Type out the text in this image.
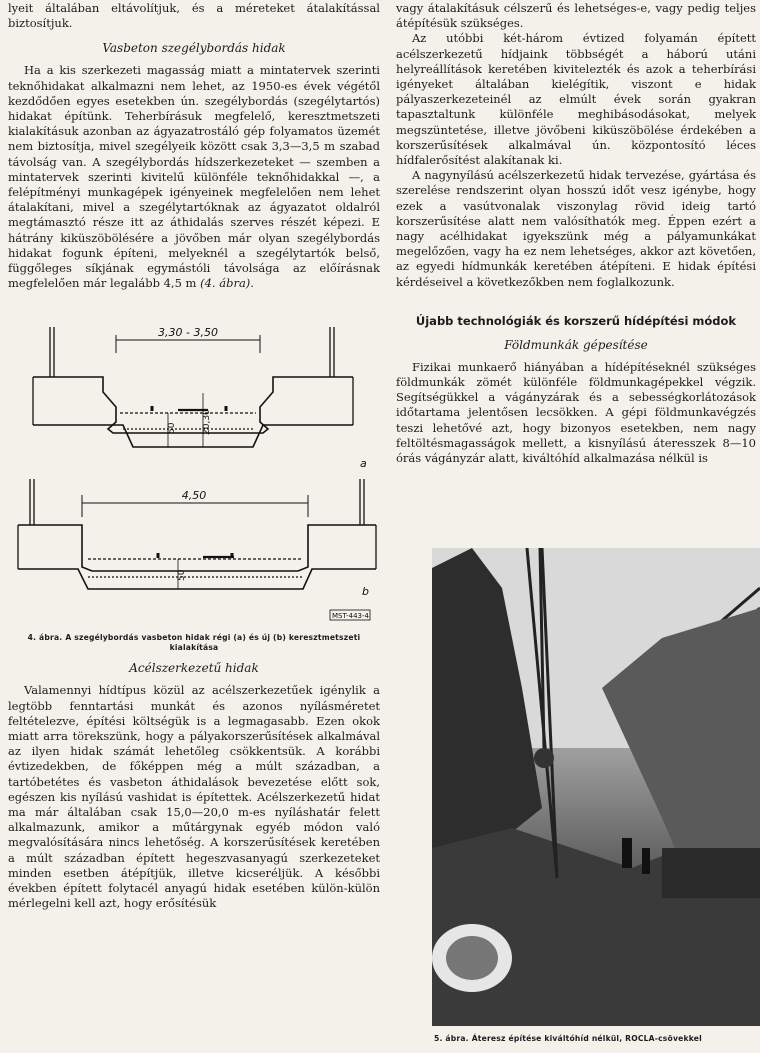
lyeit általában eltávolítjuk, és a méreteket átalakítással biztosítjuk.

Vasbeton szegélybordás hidak

Ha a kis szerkezeti magasság miatt a mintatervek szerinti teknőhidakat alkalmazni nem lehet, az 1950-es évek végétől kezdődően egyes esetekben ún. szegélybordás (szegélytartós) hidakat építünk. Teherbírásuk megfelelő, keresztmetszeti kialakításuk azonban az ágyazatrostáló gép folyamatos üzemét nem biztosítja, mivel szegélyeik között csak 3,3—3,5 m szabad távolság van. A szegélybordás hídszerkezeteket — szemben a mintatervek szerinti kivitelű különféle teknőhidakkal —, a felépítményi munkagépek igényeinek megfelelően nem lehet átalakítani, mivel a szegélytartóknak az ágyazatot oldalról megtámasztó része itt az áthidalás szerves részét képezi. E hátrány kiküszöbölésére a jövőben már olyan szegélybordás hidakat fogunk építeni, melyeknél a szegélytartók belső, függőleges síkjának egymástóli távolsága az előírásnak megfelelően már legalább 4,5 m (4. ábra).

3,30 - 3,50
4,50
50	20,30
50
a
b
MST-443-4
4. ábra. A szegélybordás vasbeton hidak régi (a) és új (b) keresztmetszeti kialakítása
Acélszerkezetű hidak

Valamennyi hídtípus közül az acélszerkezetűek igénylik a legtöbb fenntartási munkát és azonos nyílásméretet feltételezve, építési költségük is a legmagasabb. Ezen okok miatt arra törekszünk, hogy a pályakorszerűsítések alkalmával az ilyen hidak számát lehetőleg csökkentsük. A korábbi évtizedekben, de főképpen még a múlt században, a tartóbetétes és vasbeton áthidalások bevezetése előtt sok, egészen kis nyílású vashidat is építettek. Acélszerkezetű hidat ma már általában csak 15,0—20,0 m-es nyíláshatár felett alkalmazunk, amikor a műtárgynak egyéb módon való megvalósítására nincs lehetőség. A korszerűsítések keretében a múlt században épített hegeszvasanyagú szerkezeteket minden esetben átépítjük, illetve kicseréljük. A későbbi években épített folytacél anyagú hidak esetében külön-külön mérlegelni kell azt, hogy erősítésük

vagy átalakításuk célszerű és lehetséges-e, vagy pedig teljes átépítésük szükséges.

Az utóbbi két-három évtized folyamán épített acélszerkezetű hídjaink többségét a háború utáni helyreállítások keretében kivitelezték és azok a teherbírási igényeket általában kielégítik, viszont e hidak pályaszerkezeteinél az elmúlt évek során gyakran tapasztaltunk különféle meghibásodásokat, melyek megszüntetése, illetve jövőbeni kiküszöbölése érdekében a korszerűsítések alkalmával ún. központosító léces hídfalerősítést alakítanak ki.

A nagynyílású acélszerkezetű hidak tervezése, gyártása és szerelése rendszerint olyan hosszú időt vesz igénybe, hogy ezek a vasútvonalak viszonylag rövid ideig tartó korszerűsítése alatt nem valósíthatók meg. Éppen ezért a nagy acélhidakat igyekszünk még a pályamunkákat megelőzően, vagy ha ez nem lehetséges, akkor azt követően, az egyedi hídmunkák keretében átépíteni. E hidak építési kérdéseivel a következőkben nem foglalkozunk.

Újabb technológiák és korszerű hídépítési módok
Földmunkák gépesítése

Fizikai munkaerő hiányában a hídépítéseknél szükséges földmunkák zömét különféle földmunkagépekkel végzik. Segítségükkel a vágányzárak és a sebességkorlátozások időtartama jelentősen lecsökken. A gépi földmunkavégzés teszi lehetővé azt, hogy bizonyos esetekben, nem nagy feltöltésmagasságok mellett, a kisnyílású áteresszek 8—10 órás vágányzár alatt, kiváltóhíd alkalmazása nélkül is

5. ábra. Áteresz építése kiváltóhíd nélkül, ROCLA-csövekkel
